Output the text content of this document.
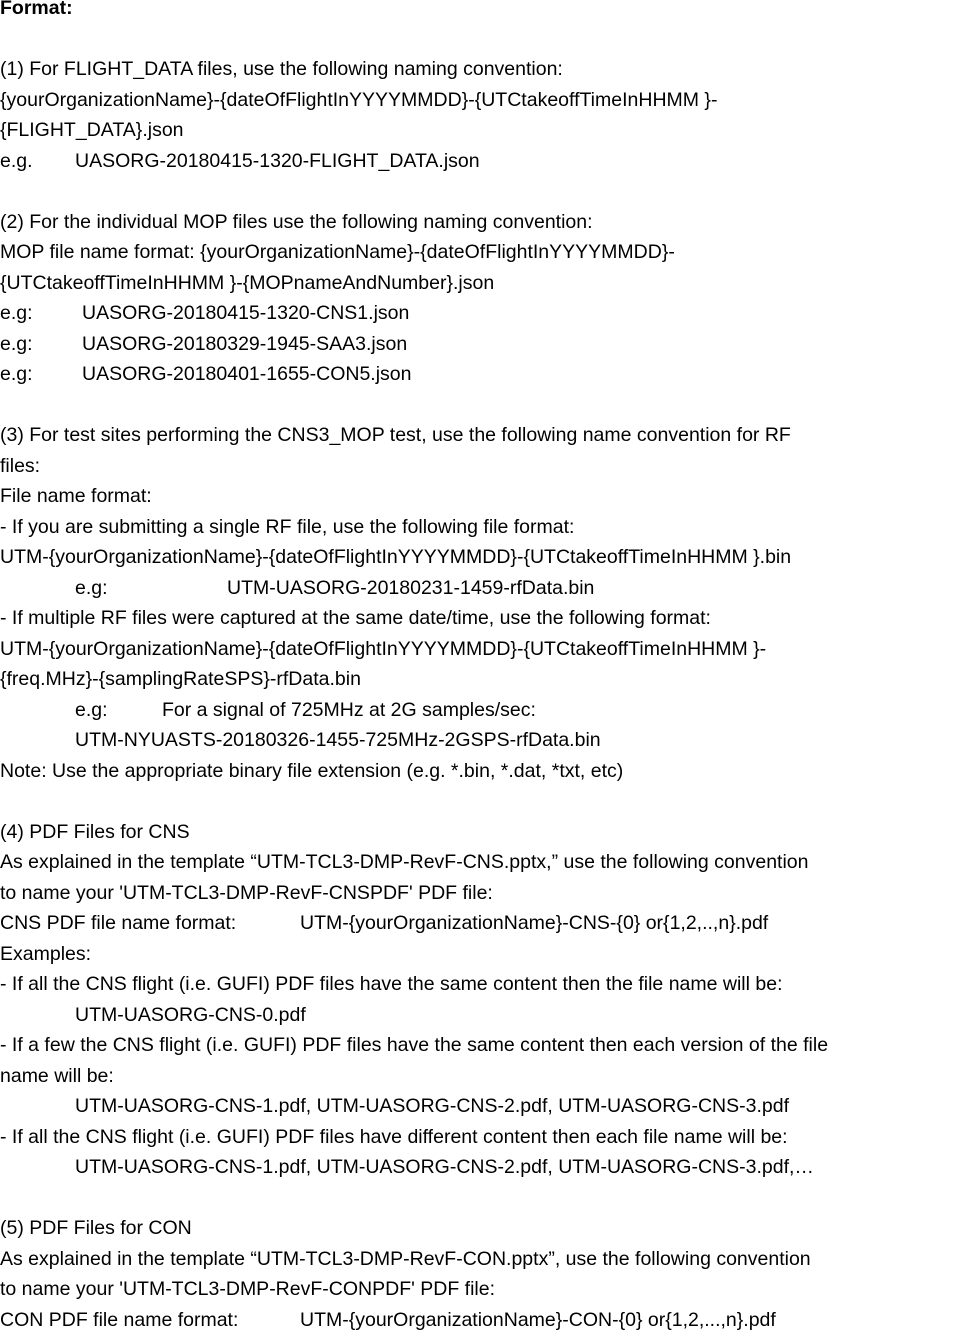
Format:
(1) For FLIGHT_DATA files, use the following naming convention:
{yourOrganizationName}-{dateOfFlightInYYYYMMDD}-{UTCtakeoffTimeInHHMM }-
{FLIGHT_DATA}.json
e.g. UASORG-20180415-1320-FLIGHT_DATA.json
(2) For the individual MOP files use the following naming convention:
MOP file name format: {yourOrganizationName}-{dateOfFlightInYYYYMMDD}-
{UTCtakeoffTimeInHHMM }-{MOPnameAndNumber}.json
e.g:	UASORG-20180415-1320-CNS1.json
e.g:	UASORG-20180329-1945-SAA3.json
e.g:	UASORG-20180401-1655-CON5.json
(3) For test sites performing the CNS3_MOP test, use the following name convention for RF
files:
File name format:
- If you are submitting a single RF file, use the following file format:
UTM-{yourOrganizationName}-{dateOfFlightInYYYYMMDD}-{UTCtakeoffTimeInHHMM }.bin
e.g:	UTM-UASORG-20180231-1459-rfData.bin
- If multiple RF files were captured at the same date/time, use the following format:
UTM-{yourOrganizationName}-{dateOfFlightInYYYYMMDD}-{UTCtakeoffTimeInHHMM }-
{freq.MHz}-{samplingRateSPS}-rfData.bin
e.g:	For a signal of 725MHz at 2G samples/sec:
UTM-NYUASTS-20180326-1455-725MHz-2GSPS-rfData.bin
Note: Use the appropriate binary file extension (e.g. *.bin, *.dat, *txt, etc)
(4) PDF Files for CNS
As explained in the template “UTM-TCL3-DMP-RevF-CNS.pptx,” use the following convention
to name your 'UTM-TCL3-DMP-RevF-CNSPDF' PDF file:
CNS PDF file name format:	UTM-{yourOrganizationName}-CNS-{0} or{1,2,..,n}.pdf
Examples:
- If all the CNS flight (i.e. GUFI) PDF files have the same content then the file name will be:
UTM-UASORG-CNS-0.pdf
- If a few the CNS flight (i.e. GUFI) PDF files have the same content then each version of the file
name will be:
UTM-UASORG-CNS-1.pdf, UTM-UASORG-CNS-2.pdf, UTM-UASORG-CNS-3.pdf
- If all the CNS flight (i.e. GUFI) PDF files have different content then each file name will be:
UTM-UASORG-CNS-1.pdf, UTM-UASORG-CNS-2.pdf, UTM-UASORG-CNS-3.pdf,…
(5) PDF Files for CON
As explained in the template “UTM-TCL3-DMP-RevF-CON.pptx”, use the following convention
to name your 'UTM-TCL3-DMP-RevF-CONPDF' PDF file:
CON PDF file name format:	UTM-{yourOrganizationName}-CON-{0} or{1,2,...,n}.pdf
